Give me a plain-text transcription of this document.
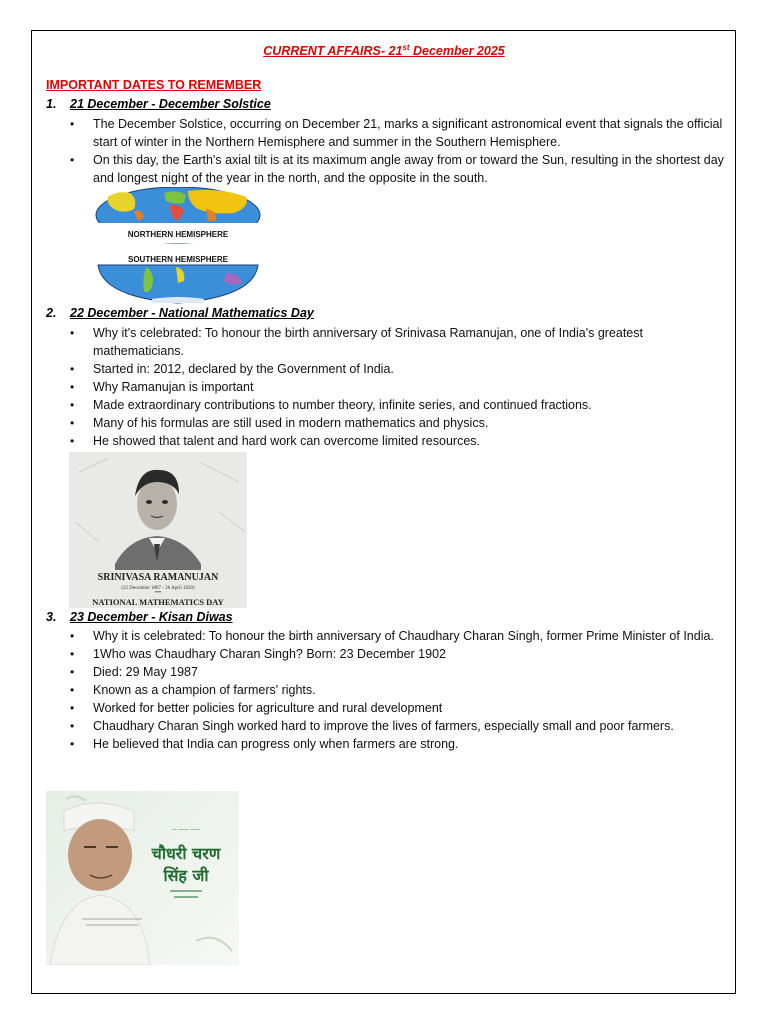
CURRENT AFFAIRS- 21st December 2025
IMPORTANT DATES TO REMEMBER
1. 21 December - December Solstice
• The December Solstice, occurring on December 21, marks a significant astronomical event that signals the official start of winter in the Northern Hemisphere and summer in the Southern Hemisphere.
• On this day, the Earth's axial tilt is at its maximum angle away from or toward the Sun, resulting in the shortest day and longest night of the year in the north, and the opposite in the south.
NORTHERN HEMISPHERE
SOUTHERN HEMISPHERE
2. 22 December - National Mathematics Day
• Why it's celebrated: To honour the birth anniversary of Srinivasa Ramanujan, one of India's greatest mathematicians.
• Started in: 2012, declared by the Government of India.
• Why Ramanujan is important
• Made extraordinary contributions to number theory, infinite series, and continued fractions.
• Many of his formulas are still used in modern mathematics and physics.
• He showed that talent and hard work can overcome limited resources.
SRINIVASA RAMANUJAN
(22 December 1887 - 26 April 1920)
•••
NATIONAL MATHEMATICS DAY
3. 23 December - Kisan Diwas
• Why it is celebrated: To honour the birth anniversary of Chaudhary Charan Singh, former Prime Minister of India.
• 1Who was Chaudhary Charan Singh? Born: 23 December 1902
• Died: 29 May 1987
• Known as a champion of farmers' rights.
• Worked for better policies for agriculture and rural development
• Chaudhary Charan Singh worked hard to improve the lives of farmers, especially small and poor farmers.
• He believed that India can progress only when farmers are strong.
— —— ——
चौधरी चरण
सिंह जी
